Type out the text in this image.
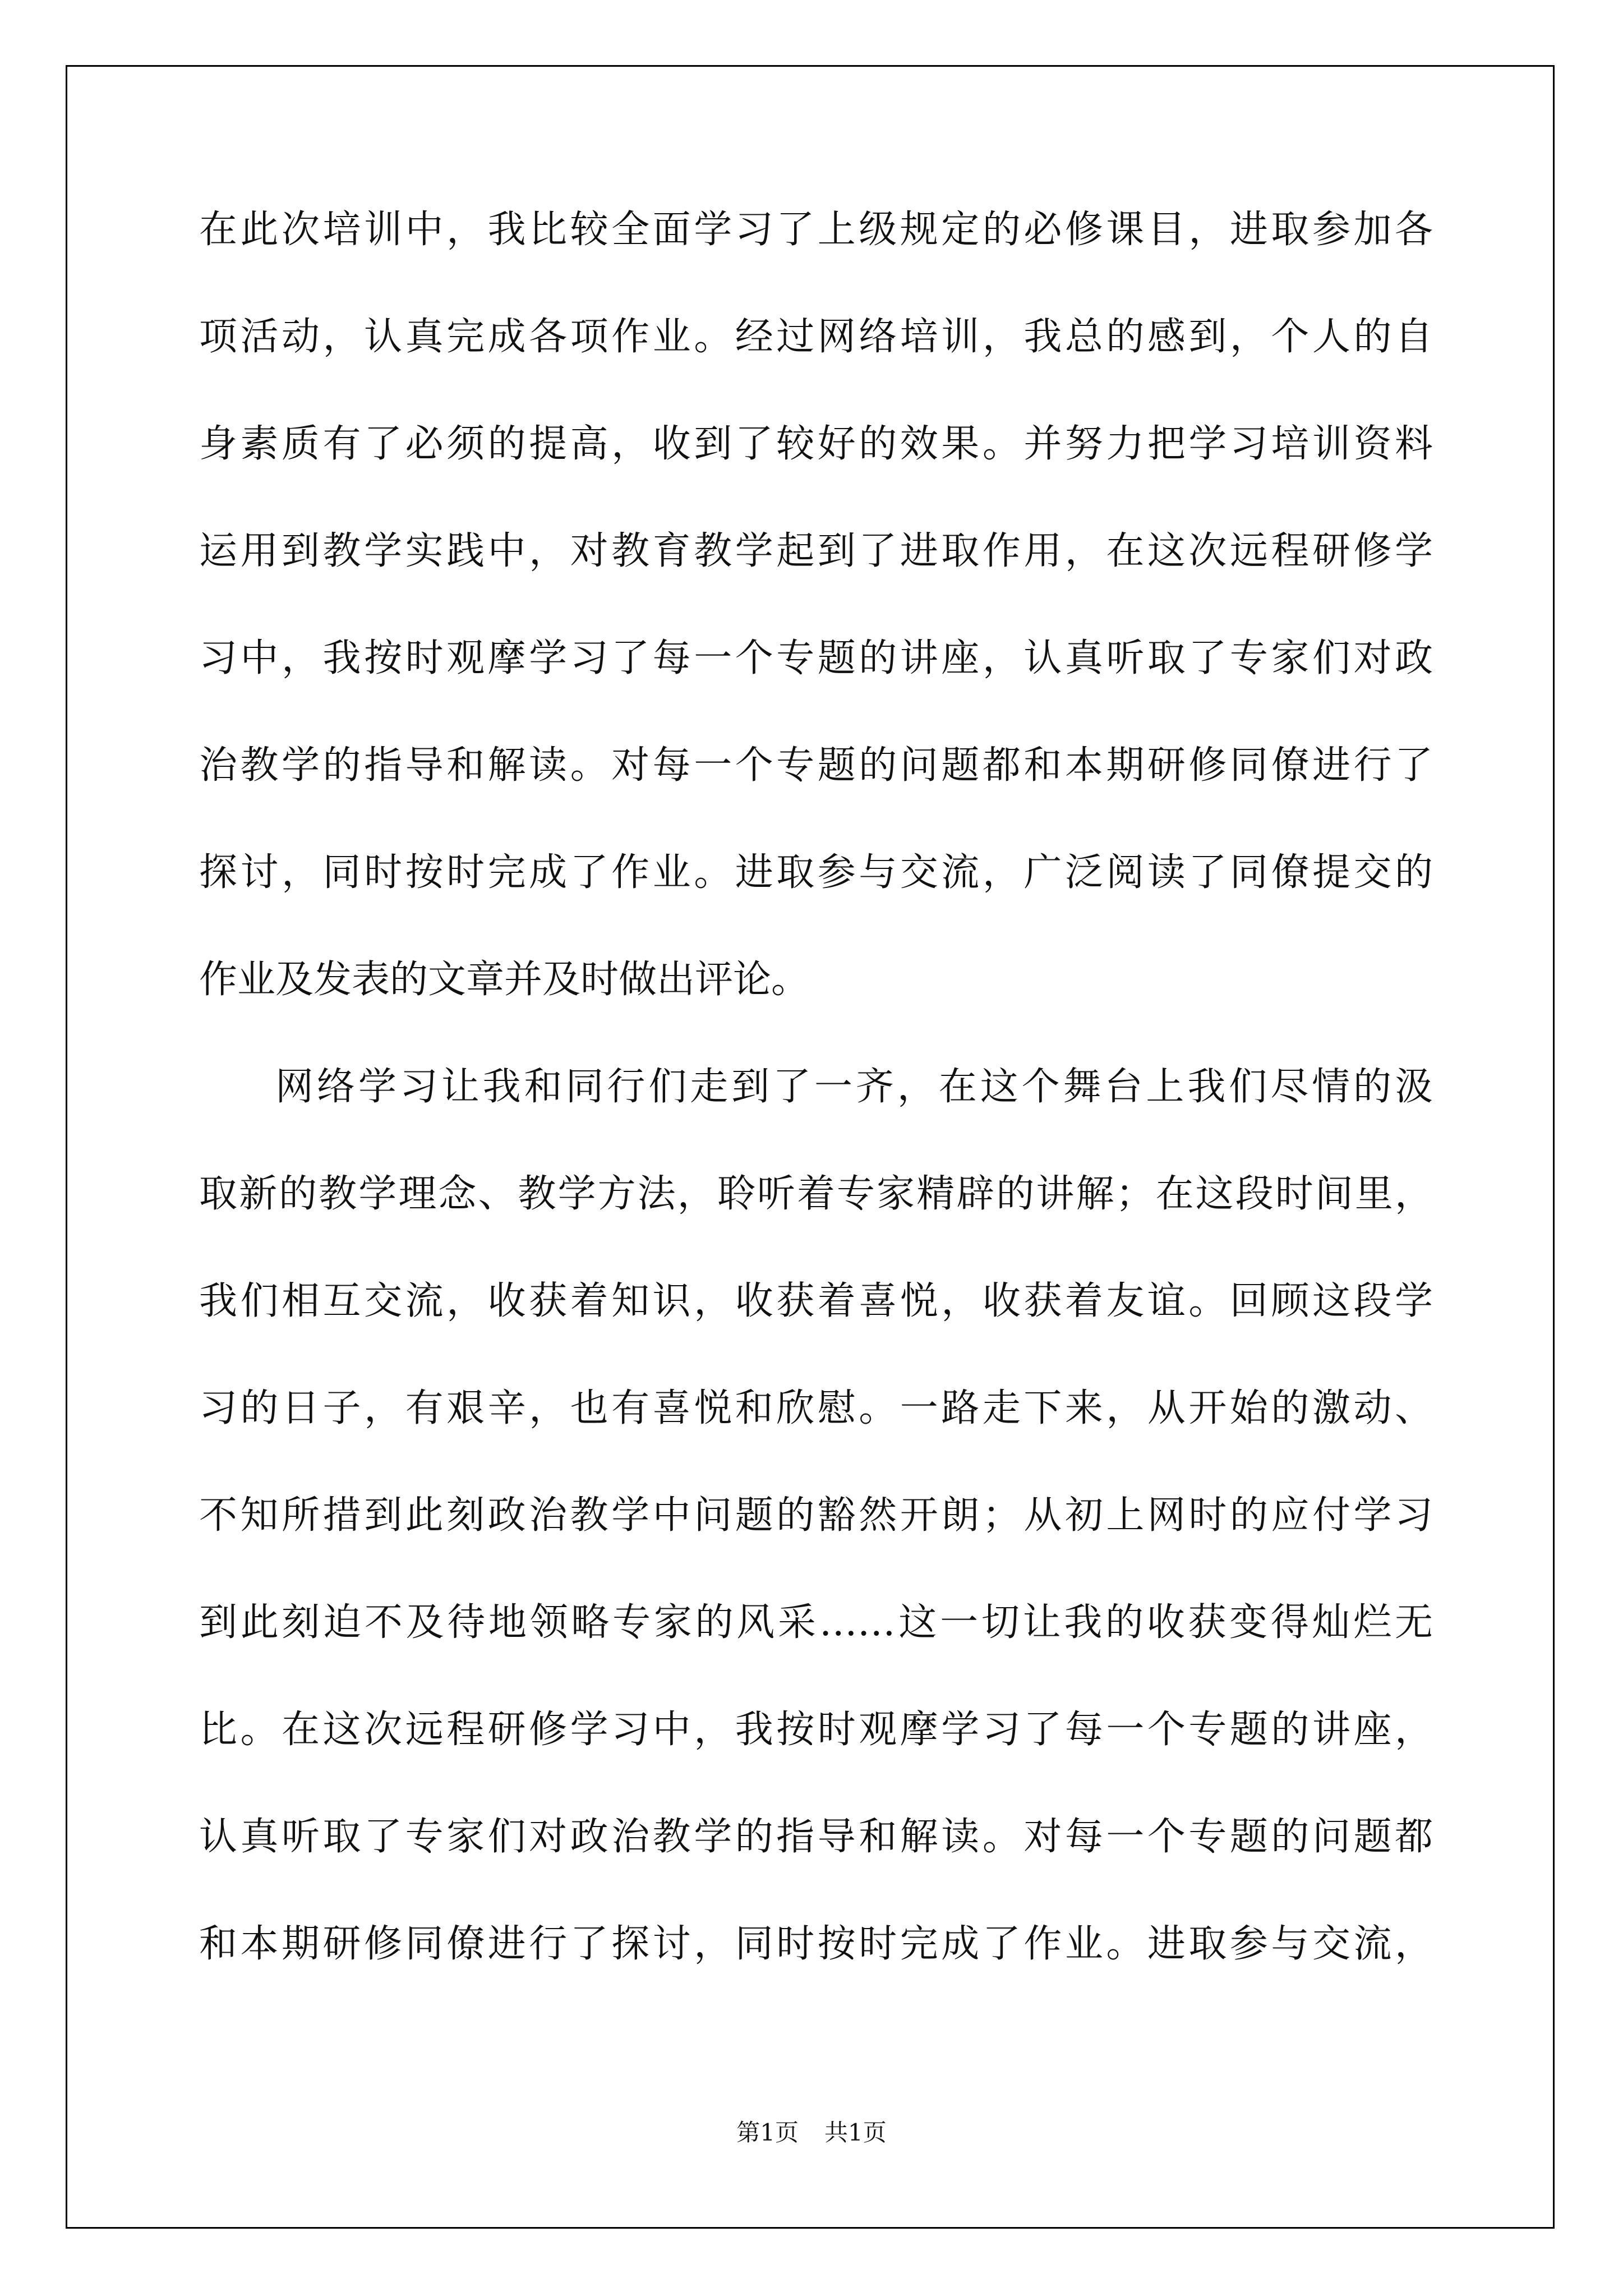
在此次培训中，我比较全面学习了上级规定的必修课目，进取参加各
项活动，认真完成各项作业。经过网络培训，我总的感到，个人的自
身素质有了必须的提高，收到了较好的效果。并努力把学习培训资料
运用到教学实践中，对教育教学起到了进取作用，在这次远程研修学
习中，我按时观摩学习了每一个专题的讲座，认真听取了专家们对政
治教学的指导和解读。对每一个专题的问题都和本期研修同僚进行了
探讨，同时按时完成了作业。进取参与交流，广泛阅读了同僚提交的
作业及发表的文章并及时做出评论。
网络学习让我和同行们走到了一齐，在这个舞台上我们尽情的汲
取新的教学理念、教学方法，聆听着专家精辟的讲解；在这段时间里，
我们相互交流，收获着知识，收获着喜悦，收获着友谊。回顾这段学
习的日子，有艰辛，也有喜悦和欣慰。一路走下来，从开始的激动、
不知所措到此刻政治教学中问题的豁然开朗；从初上网时的应付学习
到此刻迫不及待地领略专家的风采……这一切让我的收获变得灿烂无
比。在这次远程研修学习中，我按时观摩学习了每一个专题的讲座，
认真听取了专家们对政治教学的指导和解读。对每一个专题的问题都
和本期研修同僚进行了探讨，同时按时完成了作业。进取参与交流，
第1页 共1页
